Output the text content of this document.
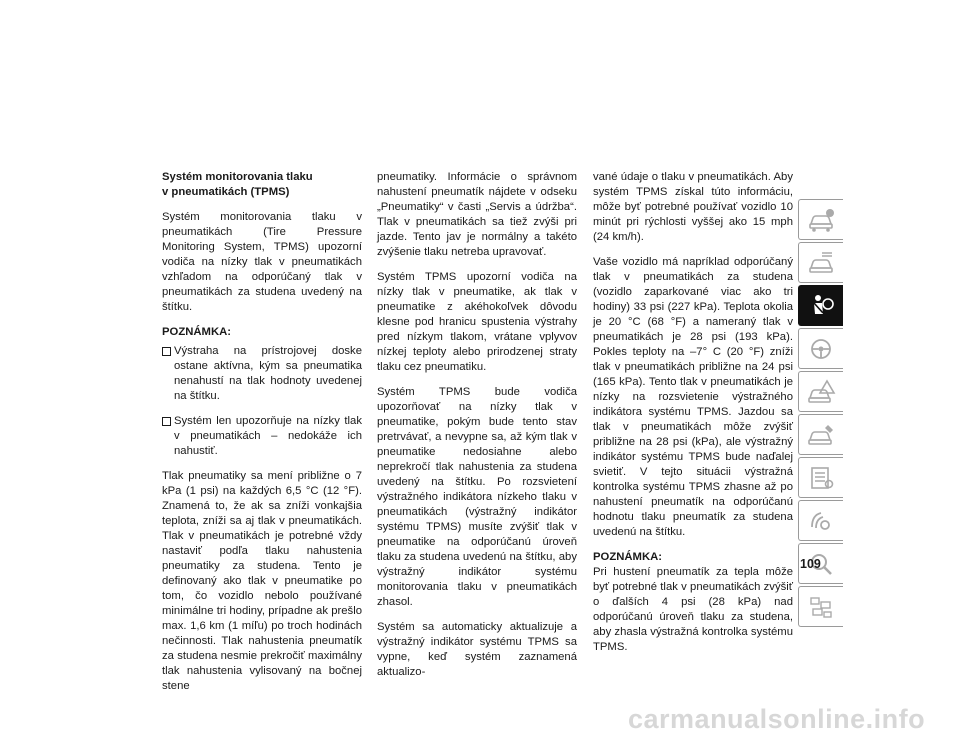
Systém monitorovania tlaku
v pneumatikách (TPMS)

Systém monitorovania tlaku v pneumatikách (Tire Pressure Monitoring System, TPMS) upozorní vodiča na nízky tlak v pneumatikách vzhľadom na odporúčaný tlak v pneumatikách za studena uvedený na štítku.

POZNÁMKA:
Výstraha na prístrojovej doske ostane aktívna, kým sa pneumatika nenahustí na tlak hodnoty uvedenej na štítku.
Systém len upozorňuje na nízky tlak v pneumatikách – nedokáže ich nahustiť.

Tlak pneumatiky sa mení približne o 7 kPa (1 psi) na každých 6,5 °C (12 °F). Znamená to, že ak sa zníži vonkajšia teplota, zníži sa aj tlak v pneumatikách. Tlak v pneumatikách je potrebné vždy nastaviť podľa tlaku nahustenia pneumatiky za studena. Tento je definovaný ako tlak v pneumatike po tom, čo vozidlo nebolo používané minimálne tri hodiny, prípadne ak prešlo max. 1,6 km (1 míľu) po troch hodinách nečinnosti. Tlak nahustenia pneumatík za studena nesmie prekročiť maximálny tlak nahustenia vylisovaný na bočnej stene

pneumatiky. Informácie o správnom nahustení pneumatík nájdete v odseku „Pneumatiky“ v časti „Servis a údržba“. Tlak v pneumatikách sa tiež zvýši pri jazde. Tento jav je normálny a takéto zvýšenie tlaku netreba upravovať.

Systém TPMS upozorní vodiča na nízky tlak v pneumatike, ak tlak v pneumatike z akéhokoľvek dôvodu klesne pod hranicu spustenia výstrahy pred nízkym tlakom, vrátane vplyvov nízkej teploty alebo prirodzenej straty tlaku cez pneumatiku.

Systém TPMS bude vodiča upozorňovať na nízky tlak v pneumatike, pokým bude tento stav pretrvávať, a nevypne sa, až kým tlak v pneumatike nedosiahne alebo neprekročí tlak nahustenia za studena uvedený na štítku. Po rozsvietení výstražného indikátora nízkeho tlaku v pneumatikách (výstražný indikátor systému TPMS) musíte zvýšiť tlak v pneumatike na odporúčanú úroveň tlaku za studena uvedenú na štítku, aby výstražný indikátor systému monitorovania tlaku v pneumatikách zhasol.

Systém sa automaticky aktualizuje a výstražný indikátor systému TPMS sa vypne, keď systém zaznamená aktualizo-

vané údaje o tlaku v pneumatikách. Aby systém TPMS získal túto informáciu, môže byť potrebné používať vozidlo 10 minút pri rýchlosti vyššej ako 15 mph (24 km/h).

Vaše vozidlo má napríklad odporúčaný tlak v pneumatikách za studena (vozidlo zaparkované viac ako tri hodiny) 33 psi (227 kPa). Teplota okolia je 20 °C (68 °F) a nameraný tlak v pneumatikách je 28 psi (193 kPa). Pokles teploty na –7° C (20 °F) zníži tlak v pneumatikách približne na 24 psi (165 kPa). Tento tlak v pneumatikách je nízky na rozsvietenie výstražného indikátora systému TPMS. Jazdou sa tlak v pneumatikách môže zvýšiť približne na 28 psi (kPa), ale výstražný indikátor systému TPMS bude naďalej svietiť. V tejto situácii výstražná kontrolka systému TPMS zhasne až po nahustení pneumatík na odporúčanú hodnotu tlaku pneumatík za studena uvedenú na štítku.

POZNÁMKA:

Pri hustení pneumatík za tepla môže byť potrebné tlak v pneumatikách zvýšiť o ďalších 4 psi (28 kPa) nad odporúčanú úroveň tlaku za studena, aby zhasla výstražná kontrolka systému TPMS.

109
carmanualsonline.info
